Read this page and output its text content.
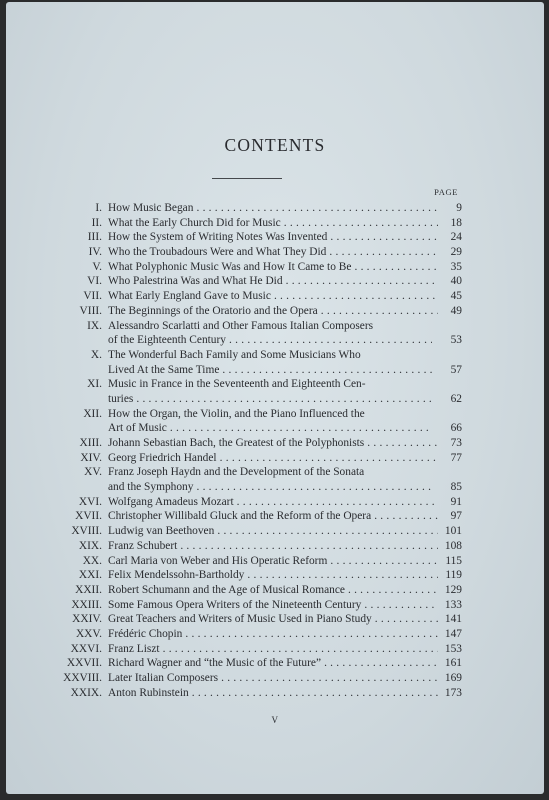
CONTENTS
PAGE
I. How Music Began . . .	9
II. What the Early Church Did for Music . . .	18
III. How the System of Writing Notes Was Invented . . .	24
IV. Who the Troubadours Were and What They Did . . .	29
V. What Polyphonic Music Was and How It Came to Be . . .	35
VI. Who Palestrina Was and What He Did . . .	40
VII. What Early England Gave to Music . . .	45
VIII. The Beginnings of the Oratorio and the Opera . . .	49
IX. Alessandro Scarlatti and Other Famous Italian Composers
of the Eighteenth Century . . .	53
X. The Wonderful Bach Family and Some Musicians Who
Lived At the Same Time . . .	57
XI. Music in France in the Seventeenth and Eighteenth Cen-
turies . . .	62
XII. How the Organ, the Violin, and the Piano Influenced the
Art of Music . . .	66
XIII. Johann Sebastian Bach, the Greatest of the Polyphonists . . .	73
XIV. Georg Friedrich Handel . . .	77
XV. Franz Joseph Haydn and the Development of the Sonata
and the Symphony . . .	85
XVI. Wolfgang Amadeus Mozart . . .	91
XVII. Christopher Willibald Gluck and the Reform of the Opera . . .	97
XVIII. Ludwig van Beethoven . . .	101
XIX. Franz Schubert . . .	108
XX. Carl Maria von Weber and His Operatic Reform . . .	115
XXI. Felix Mendelssohn-Bartholdy . . .	119
XXII. Robert Schumann and the Age of Musical Romance . . .	129
XXIII. Some Famous Opera Writers of the Nineteenth Century . . .	133
XXIV. Great Teachers and Writers of Music Used in Piano Study . . .	141
XXV. Frédéric Chopin . . .	147
XXVI. Franz Liszt . . .	153
XXVII. Richard Wagner and “the Music of the Future” . . .	161
XXVIII. Later Italian Composers . . .	169
XXIX. Anton Rubinstein . . .	173
V
